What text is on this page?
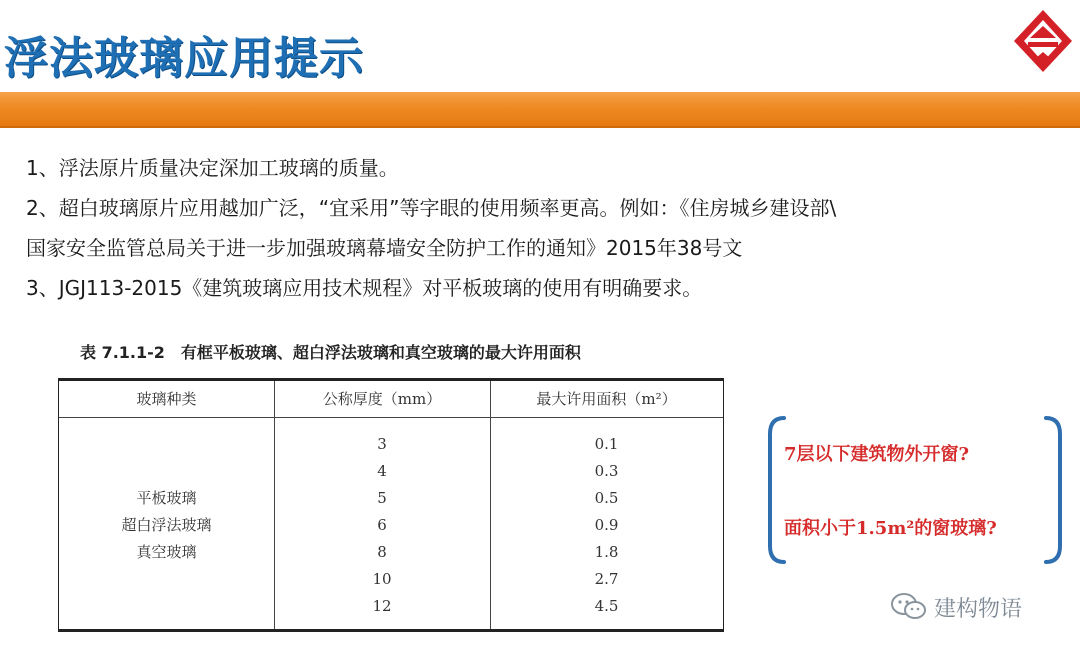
浮法玻璃应用提示

1、浮法原片质量决定深加工玻璃的质量。

2、超白玻璃原片应用越加广泛，“宜采用”等字眼的使用频率更高。例如：《住房城乡建设部\

国家安全监管总局关于进一步加强玻璃幕墙安全防护工作的通知》2015年38号文

3、JGJ113-2015《建筑玻璃应用技术规程》对平板玻璃的使用有明确要求。

表 7.1.1-2　有框平板玻璃、超白浮法玻璃和真空玻璃的最大许用面积
玻璃种类
平板玻璃
超白浮法玻璃
真空玻璃
公称厚度（mm）
3
4
5
6
8
10
12
最大许用面积（m²）
0.1
0.3
0.5
0.9
1.8
2.7
4.5
7层以下建筑物外开窗?
面积小于1.5m²的窗玻璃?
建构物语
